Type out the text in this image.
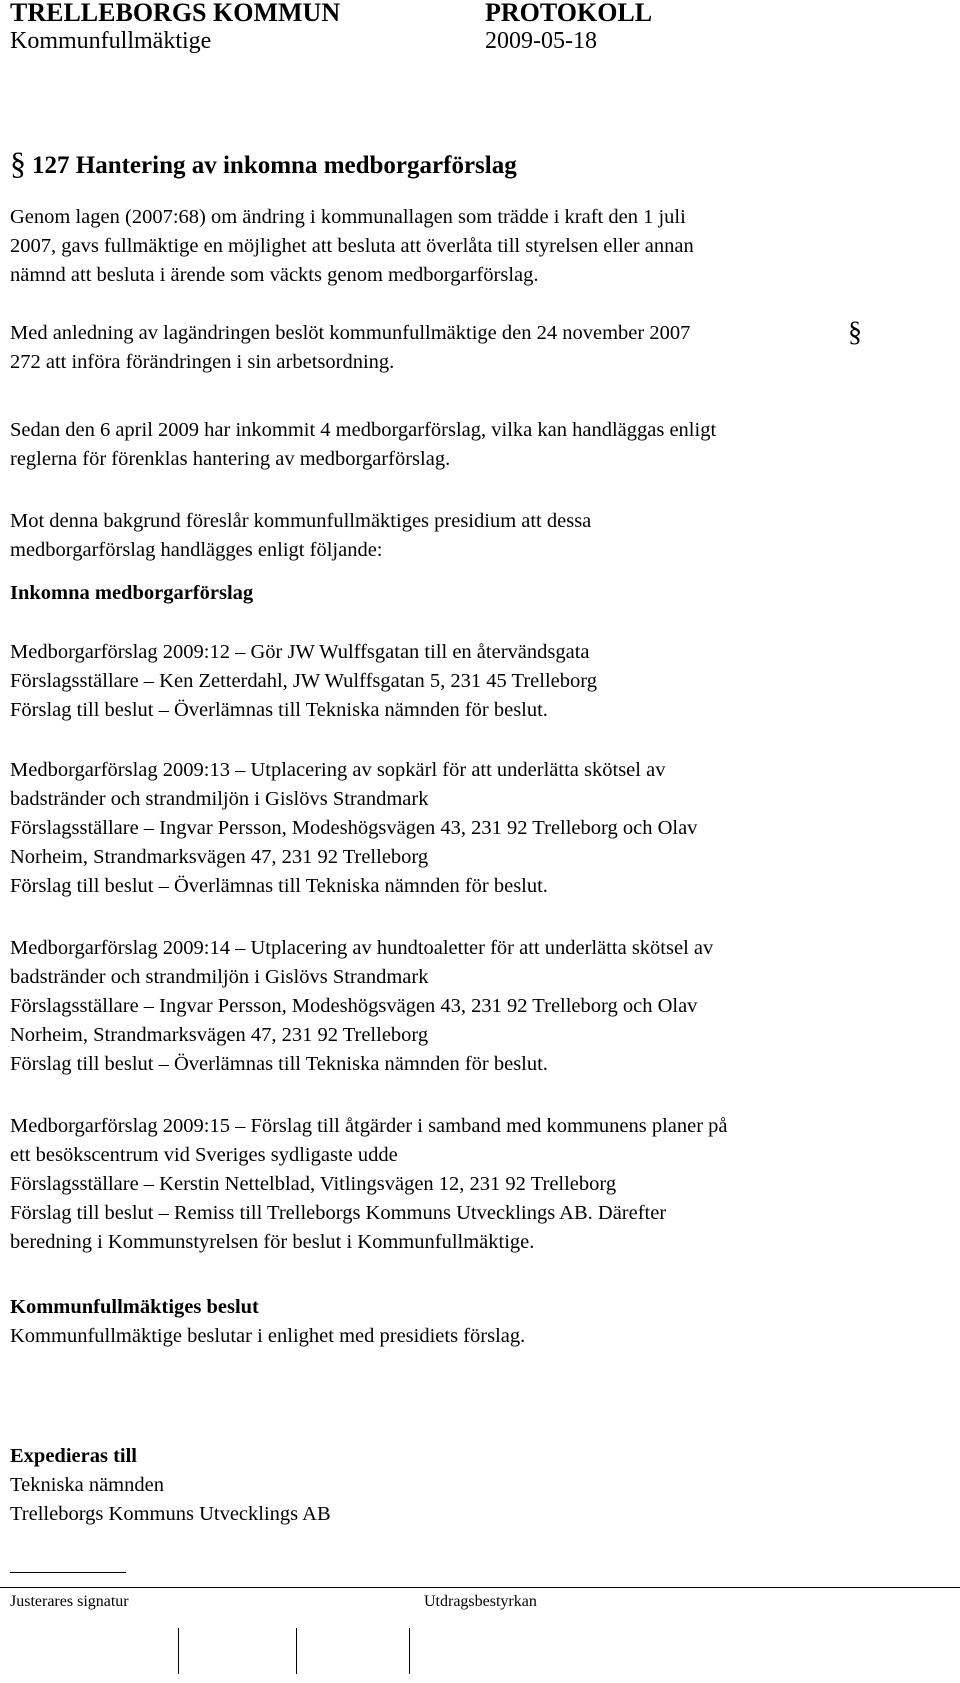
TRELLEBORGS KOMMUN	PROTOKOLL
Kommunfullmäktige	2009-05-18
§ 127 Hantering av inkomna medborgarförslag
Genom lagen (2007:68) om ändring i kommunallagen som trädde i kraft den 1 juli
2007, gavs fullmäktige en möjlighet att besluta att överlåta till styrelsen eller annan
nämnd att besluta i ärende som väckts genom medborgarförslag.
Med anledning av lagändringen beslöt kommunfullmäktige den 24 november 2007	§
272 att införa förändringen i sin arbetsordning.
Sedan den 6 april 2009 har inkommit 4 medborgarförslag, vilka kan handläggas enligt
reglerna för förenklas hantering av medborgarförslag.
Mot denna bakgrund föreslår kommunfullmäktiges presidium att dessa
medborgarförslag handlägges enligt följande:
Inkomna medborgarförslag
Medborgarförslag 2009:12 – Gör JW Wulffsgatan till en återvändsgata
Förslagsställare – Ken Zetterdahl, JW Wulffsgatan 5, 231 45 Trelleborg
Förslag till beslut – Överlämnas till Tekniska nämnden för beslut.
Medborgarförslag 2009:13 – Utplacering av sopkärl för att underlätta skötsel av
badstränder och strandmiljön i Gislövs Strandmark
Förslagsställare – Ingvar Persson, Modeshögsvägen 43, 231 92 Trelleborg och Olav
Norheim, Strandmarksvägen 47, 231 92 Trelleborg
Förslag till beslut – Överlämnas till Tekniska nämnden för beslut.
Medborgarförslag 2009:14 – Utplacering av hundtoaletter för att underlätta skötsel av
badstränder och strandmiljön i Gislövs Strandmark
Förslagsställare – Ingvar Persson, Modeshögsvägen 43, 231 92 Trelleborg och Olav
Norheim, Strandmarksvägen 47, 231 92 Trelleborg
Förslag till beslut – Överlämnas till Tekniska nämnden för beslut.
Medborgarförslag 2009:15 – Förslag till åtgärder i samband med kommunens planer på
ett besökscentrum vid Sveriges sydligaste udde
Förslagsställare – Kerstin Nettelblad, Vitlingsvägen 12, 231 92 Trelleborg
Förslag till beslut – Remiss till Trelleborgs Kommuns Utvecklings AB. Därefter
beredning i Kommunstyrelsen för beslut i Kommunfullmäktige.
Kommunfullmäktiges beslut
Kommunfullmäktige beslutar i enlighet med presidiets förslag.
Expedieras till
Tekniska nämnden
Trelleborgs Kommuns Utvecklings AB
Justerares signatur	Utdragsbestyrkan
